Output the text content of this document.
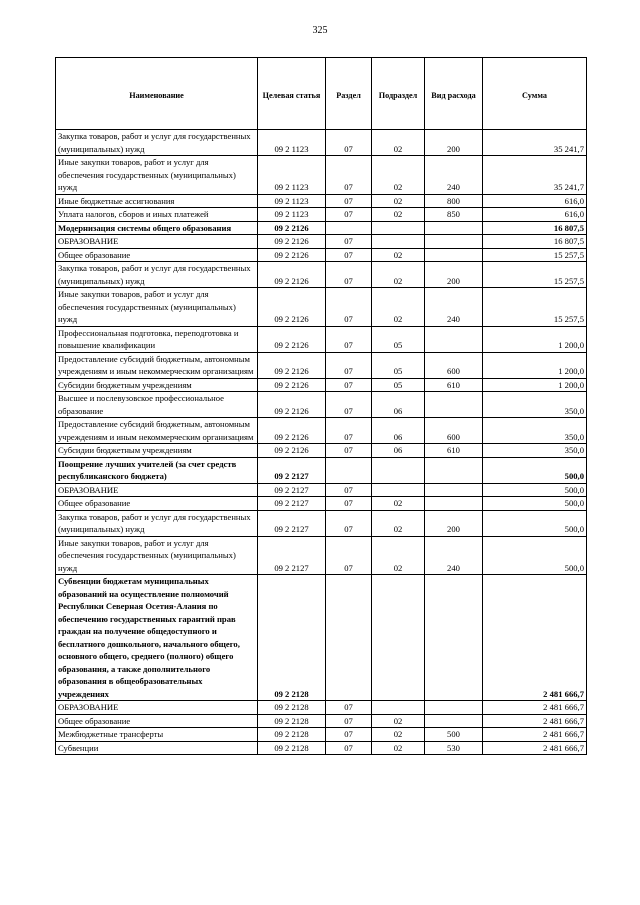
325
Наименование	Целевая статья	Раздел	Подраздел	Вид расхода	Сумма
Закупка товаров, работ и услуг для государственных (муниципальных) нужд	09 2 1123	07	02	200	35 241,7
Иные закупки товаров, работ и услуг для обеспечения государственных (муниципальных) нужд	09 2 1123	07	02	240	35 241,7
Иные бюджетные ассигнования	09 2 1123	07	02	800	616,0
Уплата налогов, сборов и иных платежей	09 2 1123	07	02	850	616,0
Модернизация системы общего образования	09 2 2126				16 807,5
ОБРАЗОВАНИЕ	09 2 2126	07			16 807,5
Общее образование	09 2 2126	07	02		15 257,5
Закупка товаров, работ и услуг для государственных (муниципальных) нужд	09 2 2126	07	02	200	15 257,5
Иные закупки товаров, работ и услуг для обеспечения государственных (муниципальных) нужд	09 2 2126	07	02	240	15 257,5
Профессиональная подготовка, переподготовка и повышение квалификации	09 2 2126	07	05		1 200,0
Предоставление субсидий бюджетным, автономным учреждениям и иным некоммерческим организациям	09 2 2126	07	05	600	1 200,0
Субсидии бюджетным учреждениям	09 2 2126	07	05	610	1 200,0
Высшее и послевузовское профессиональное образование	09 2 2126	07	06		350,0
Предоставление субсидий бюджетным, автономным учреждениям и иным некоммерческим организациям	09 2 2126	07	06	600	350,0
Субсидии бюджетным учреждениям	09 2 2126	07	06	610	350,0
Поощрение лучших учителей (за счет средств республиканского бюджета)	09 2 2127				500,0
ОБРАЗОВАНИЕ	09 2 2127	07			500,0
Общее образование	09 2 2127	07	02		500,0
Закупка товаров, работ и услуг для государственных (муниципальных) нужд	09 2 2127	07	02	200	500,0
Иные закупки товаров, работ и услуг для обеспечения государственных (муниципальных) нужд	09 2 2127	07	02	240	500,0
Субвенции бюджетам муниципальных образований на осуществление полномочий Республики Северная Осетия-Алания по обеспечению государственных гарантий прав граждан на получение общедоступного и бесплатного дошкольного, начального общего, основного общего, среднего (полного) общего образования, а также дополнительного образования в общеобразовательных учреждениях	09 2 2128				2 481 666,7
ОБРАЗОВАНИЕ	09 2 2128	07			2 481 666,7
Общее образование	09 2 2128	07	02		2 481 666,7
Межбюджетные трансферты	09 2 2128	07	02	500	2 481 666,7
Субвенции	09 2 2128	07	02	530	2 481 666,7
